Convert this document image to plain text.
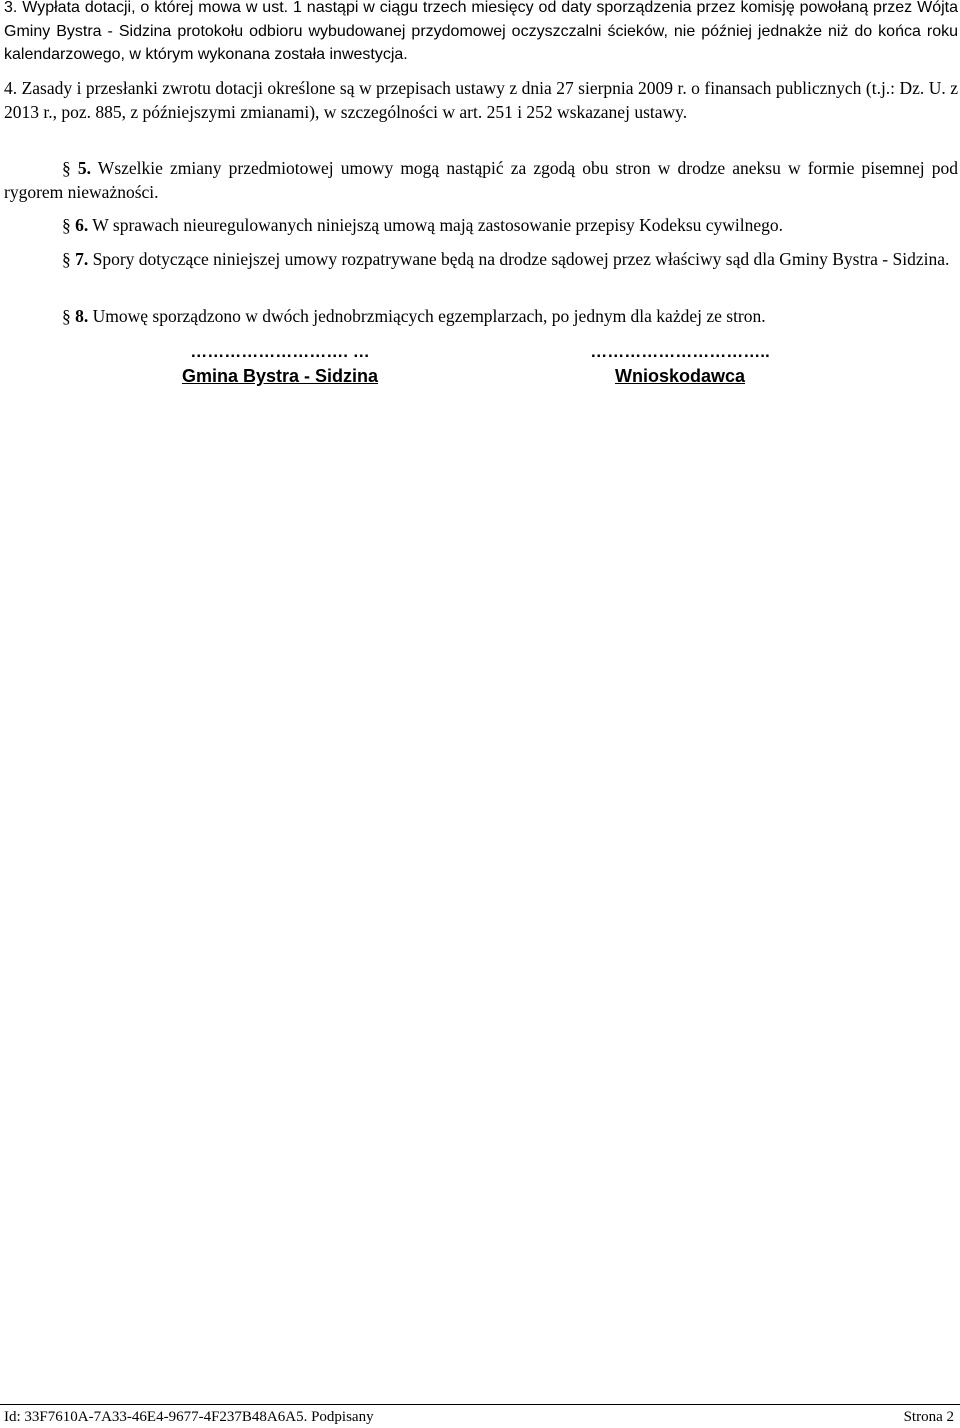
3. Wypłata dotacji, o której mowa w ust. 1 nastąpi w ciągu trzech miesięcy od daty sporządzenia przez komisję powołaną przez Wójta Gminy Bystra - Sidzina protokołu odbioru wybudowanej przydomowej oczyszczalni ścieków, nie później jednakże niż do końca roku kalendarzowego, w którym wykonana została inwestycja.

4. Zasady i przesłanki zwrotu dotacji określone są w przepisach ustawy z dnia 27 sierpnia 2009 r. o finansach publicznych (t.j.: Dz. U. z 2013 r., poz. 885, z późniejszymi zmianami), w szczególności w art. 251 i 252 wskazanej ustawy.

§ 5. Wszelkie zmiany przedmiotowej umowy mogą nastąpić za zgodą obu stron w drodze aneksu w formie pisemnej pod rygorem nieważności.

§ 6. W sprawach nieuregulowanych niniejszą umową mają zastosowanie przepisy Kodeksu cywilnego.

§ 7. Spory dotyczące niniejszej umowy rozpatrywane będą na drodze sądowej przez właściwy sąd dla Gminy Bystra - Sidzina.

§ 8. Umowę sporządzono w dwóch jednobrzmiących egzemplarzach, po jednym dla każdej ze stron.

………………………. …
Gmina Bystra - Sidzina
…………………………..
Wnioskodawca
Id: 33F7610A-7A33-46E4-9677-4F237B48A6A5. Podpisany	Strona 2
